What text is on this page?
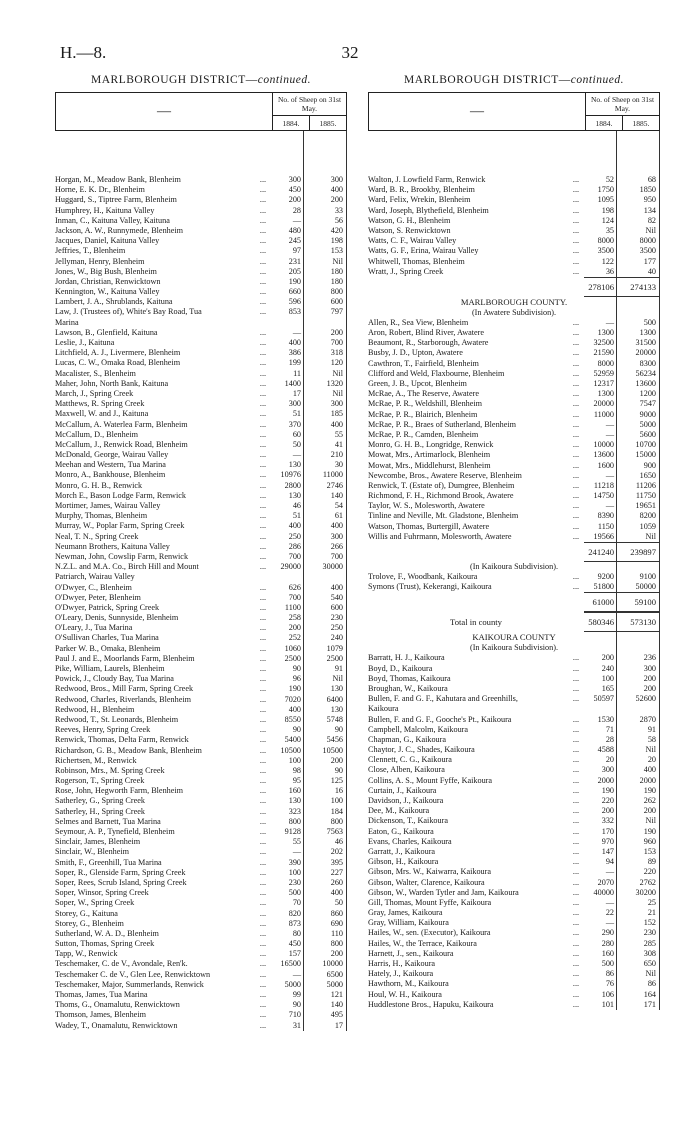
H.—8.	32
MARLBOROUGH DISTRICT—continued.
—	No. of Sheep on 31st May.	
	1884.	1885.
Horgan, M., Meadow Bank, Blenheim	...	300	300
Horne, E. K. Dr., Blenheim	...	450	400
Huggard, S., Tiptree Farm, Blenheim	...	200	200
Humphrey, H., Kaituna Valley	...	28	33
Inman, C., Kaituna Valley, Kaituna	...	—	56
Jackson, A. W., Runnymede, Blenheim	...	480	420
Jacques, Daniel, Kaituna Valley	...	245	198
Jeffries, T., Blenheim	...	97	153
Jellyman, Henry, Blenheim	...	231	Nil
Jones, W., Big Bush, Blenheim	...	205	180
Jordan, Christian, Renwicktown	...	190	180
Kennington, W., Kaituna Valley	...	660	800
Lambert, J. A., Shrublands, Kaituna	...	596	600
Law, J. (Trustees of), White's Bay Road, Tua	...	853	797
Marina
Lawson, B., Glenfield, Kaituna	...	—	200
Leslie, J., Kaituna	...	400	700
Litchfield, A. J., Livermere, Blenheim	...	386	318
Lucas, C. W., Omaka Road, Blenheim	...	199	120
Macalister, S., Blenheim	...	11	Nil
Maher, John, North Bank, Kaituna	...	1400	1320
March, J., Spring Creek	...	17	Nil
Matthews, R. Spring Creek	...	300	300
Maxwell, W. and J., Kaituna	...	51	185
McCallum, A. Waterlea Farm, Blenheim	...	370	400
McCallum, D., Blenheim	...	60	55
McCallum, J., Renwick Road, Blenheim	...	50	41
McDonald, George, Wairau Valley	...	—	210
Meehan and Western, Tua Marina	...	130	30
Monro, A., Bankhouse, Blenheim	...	10976	11000
Monro, G. H. B., Renwick	...	2800	2746
Morch E., Bason Lodge Farm, Renwick	...	130	140
Mortimer, James, Wairau Valley	...	46	54
Murphy, Thomas, Blenheim	...	51	61
Murray, W., Poplar Farm, Spring Creek	...	400	400
Neal, T. N., Spring Creek	...	250	300
Neumann Brothers, Kaituna Valley	...	286	266
Newman, John, Cowslip Farm, Renwick	...	700	700
N.Z.L. and M.A. Co., Birch Hill and Mount	...	29000	30000
Patriarch, Wairau Valley
O'Dwyer, C., Blenheim	...	626	400
O'Dwyer, Peter, Blenheim	...	700	540
O'Dwyer, Patrick, Spring Creek	...	1100	600
O'Leary, Denis, Sunnyside, Blenheim	...	258	230
O'Leary, J., Tua Marina	...	200	250
O'Sullivan Charles, Tua Marina	...	252	240
Parker W. B., Omaka, Blenheim	...	1060	1079
Paul J. and E., Moorlands Farm, Blenheim	...	2500	2500
Pike, William, Laurels, Blenheim	...	90	91
Powick, J., Cloudy Bay, Tua Marina	...	96	Nil
Redwood, Bros., Mill Farm, Spring Creek	...	190	130
Redwood, Charles, Riverlands, Blenheim	...	7020	6400
Redwood, H., Blenheim	...	400	130
Redwood, T., St. Leonards, Blenheim	...	8550	5748
Reeves, Henry, Spring Creek	...	90	90
Renwick, Thomas, Delta Farm, Renwick	...	5400	5456
Richardson, G. B., Meadow Bank, Blenheim	...	10500	10500
Richertsen, M., Renwick	...	100	200
Robinson, Mrs., M. Spring Creek	...	98	90
Rogerson, T., Spring Creek	...	95	125
Rose, John, Hegworth Farm, Blenheim	...	160	16
Satherley, G., Spring Creek	...	130	100
Satherley, H., Spring Creek	...	323	184
Selmes and Barnett, Tua Marina	...	800	800
Seymour, A. P., Tynefield, Blenheim	...	9128	7563
Sinclair, James, Blenheim	...	55	46
Sinclair, W., Blenheim	...	—	202
Smith, F., Greenhill, Tua Marina	...	390	395
Soper, R., Glenside Farm, Spring Creek	...	100	227
Soper, Rees, Scrub Island, Spring Creek	...	230	260
Soper, Winsor, Spring Creek	...	500	400
Soper, W., Spring Creek	...	70	50
Storey, G., Kaituna	...	820	860
Storey, G., Blenheim	...	873	690
Sutherland, W. A. D., Blenheim	...	80	110
Sutton, Thomas, Spring Creek	...	450	800
Tapp, W., Renwick	...	157	200
Teschemaker, C. de V., Avondale, Ren'k.	...	16500	10000
Teschemaker C. de V., Glen Lee, Renwicktown	...	—	6500
Teschemaker, Major, Summerlands, Renwick	...	5000	5000
Thomas, James, Tua Marina	...	99	121
Thoms, G., Onamalutu, Renwicktown	...	90	140
Thomson, James, Blenheim	...	710	495
Wadey, T., Onamalutu, Renwicktown	...	31	17
MARLBOROUGH DISTRICT—continued.
—	No. of Sheep on 31st May.	
	1884.	1885.
Walton, J. Lowfield Farm, Renwick	...	52	68
Ward, B. R., Brookby, Blenheim	...	1750	1850
Ward, Felix, Wrekin, Blenheim	...	1095	950
Ward, Joseph, Blythefield, Blenheim	...	198	134
Watson, G. H., Blenheim	...	124	82
Watson, S. Renwicktown	...	35	Nil
Watts, C. F., Wairau Valley	...	8000	8000
Watts, G. F., Erina, Wairau Valley	...	3500	3500
Whitwell, Thomas, Blenheim	...	122	177
Wratt, J., Spring Creek	...	36	40
278106	274133
MARLBOROUGH COUNTY.
(In Awatere Subdivision).
Allen, R., Sea View, Blenheim	...	—	500
Aron, Robert, Blind River, Awatere	...	1300	1300
Beaumont, R., Starborough, Awatere	...	32500	31500
Busby, J. D., Upton, Awatere	...	21590	20000
Cawthron, T., Fairfield, Blenheim	...	8000	8300
Clifford and Weld, Flaxbourne, Blenheim	...	52959	56234
Green, J. B., Upcot, Blenheim	...	12317	13600
McRae, A., The Reserve, Awatere	...	1300	1200
McRae, P. R., Weldshill, Blenheim	...	20000	7547
McRae, P. R., Blairich, Blenheim	...	11000	9000
McRae, P. R., Braes of Sutherland, Blenheim	...	—	5000
McRae, P. R., Camden, Blenheim	...	—	5600
Monro, G. H. B., Longridge, Renwick	...	10000	10700
Mowat, Mrs., Artimarlock, Blenheim	...	13600	15000
Mowat, Mrs., Middlehurst, Blenheim	...	1600	900
Newcombe, Bros., Awatere Reserve, Blenheim	...	—	1650
Renwick, T. (Estate of), Dumgree, Blenheim	...	11218	11206
Richmond, F. H., Richmond Brook, Awatere	...	14750	11750
Taylor, W. S., Molesworth, Awatere	...	—	19651
Tinline and Neville, Mt. Gladstone, Blenheim	...	8390	8200
Watson, Thomas, Burtergill, Awatere	...	1150	1059
Willis and Fuhrmann, Molesworth, Awatere	...	19566	Nil
241240	239897
(In Kaikoura Subdivision).
Trolove, F., Woodbank, Kaikoura	...	9200	9100
Symons (Trust), Kekerangi, Kaikoura	...	51800	50000
61000	59100
Total in county	580346	573130
KAIKOURA COUNTY
(In Kaikoura Subdivision).
Barratt, H. J., Kaikoura	...	200	236
Boyd, D., Kaikoura	...	240	300
Boyd, Thomas, Kaikoura	...	100	200
Broughan, W., Kaikoura	...	165	200
Bullen, F. and G. F., Kahutara and Greenhills,	...	50597	52600
Kaikoura
Bullen, F. and G. F., Gooche's Pt., Kaikoura	...	1530	2870
Campbell, Malcolm, Kaikoura	...	71	91
Chapman, G., Kaikoura	...	28	58
Chaytor, J. C., Shades, Kaikoura	...	4588	Nil
Clennett, C. G., Kaikoura	...	20	20
Close, Alben, Kaikoura	...	300	400
Collins, A. S., Mount Fyffe, Kaikoura	...	2000	2000
Curtain, J., Kaikoura	...	190	190
Davidson, J., Kaikoura	...	220	262
Dee, M., Kaikoura	...	200	200
Dickenson, T., Kaikoura	...	332	Nil
Eaton, G., Kaikoura	...	170	190
Evans, Charles, Kaikoura	...	970	960
Garratt, J., Kaikoura	...	147	153
Gibson, H., Kaikoura	...	94	89
Gibson, Mrs. W., Kaiwarra, Kaikoura	...	—	220
Gibson, Walter, Clarence, Kaikoura	...	2070	2762
Gibson, W., Warden Tytler and Jam, Kaikoura	...	40000	30200
Gill, Thomas, Mount Fyffe, Kaikoura	...	—	25
Gray, James, Kaikoura	...	22	21
Gray, William, Kaikoura	...	—	152
Hailes, W., sen. (Executor), Kaikoura	...	290	230
Hailes, W., the Terrace, Kaikoura	...	280	285
Harnett, J., sen., Kaikoura	...	160	308
Harris, H., Kaikoura	...	500	650
Hately, J., Kaikoura	...	86	Nil
Hawthorn, M., Kaikoura	...	76	86
Houl, W. H., Kaikoura	...	106	164
Huddlestone Bros., Hapuku, Kaikoura	...	101	171
